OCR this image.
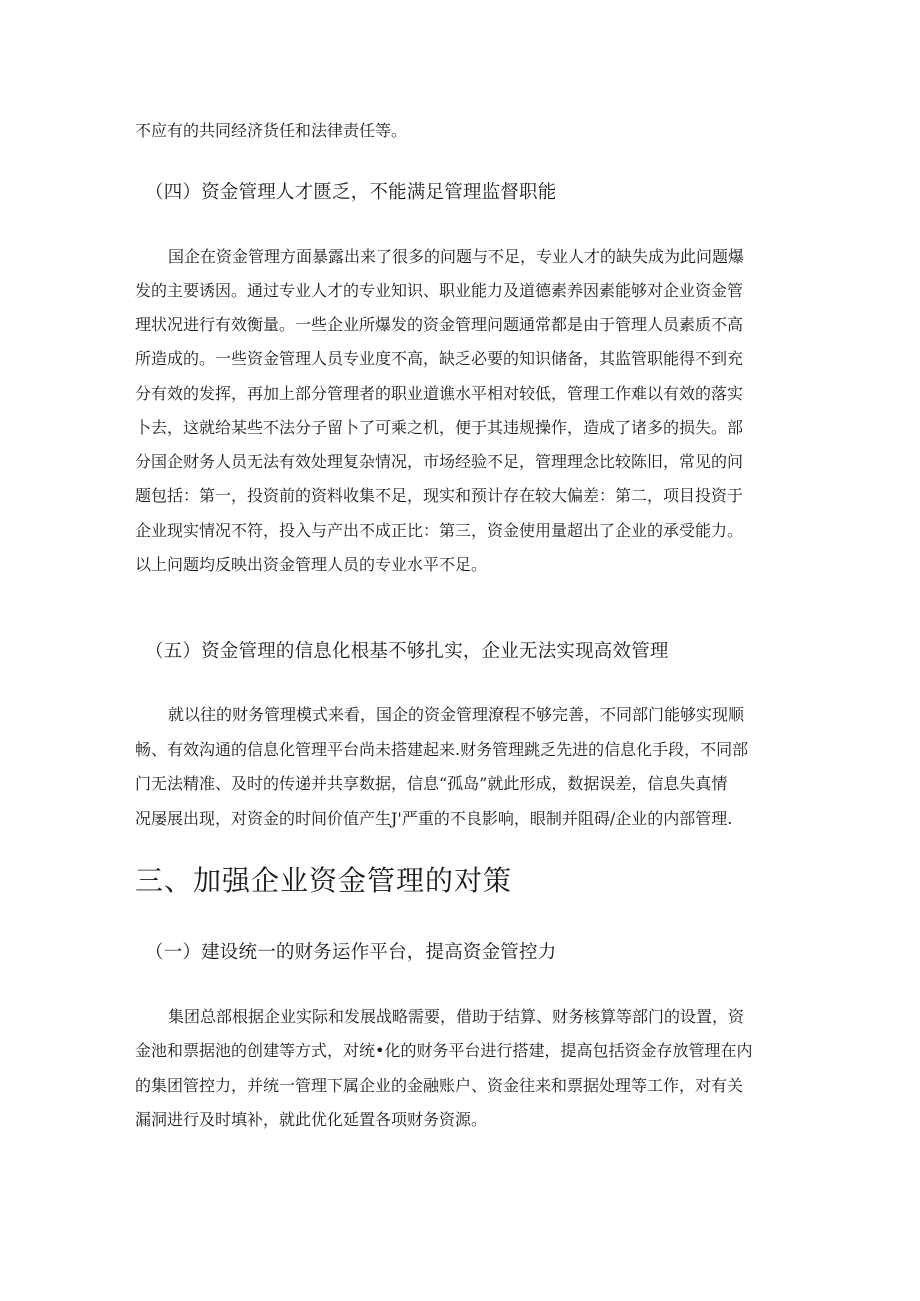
不应有的共同经济货任和法律责任等。
（四）资金管理人才匮乏，不能满足管理监督职能
国企在资金管理方面暴露出来了很多的问题与不足，专业人才的缺失成为此问题爆
发的主要诱因。通过专业人才的专业知识、职业能力及道德素养因素能够对企业资金管
理状况进行有效衡量。一些企业所爆发的资金管理问题通常都是由于管理人员素质不高
所造成的。一些资金管理人员专业度不高，缺乏必要的知识储备，其监管职能得不到充
分有效的发挥，再加上部分管理者的职业道谯水平相对较低，管理工作难以有效的落实
卜去，这就给某些不法分子留卜了可乘之机，便于其违规操作，造成了诸多的损失。部
分国企财务人员无法有效处理复杂情况，市场经验不足，管理理念比较陈旧，常见的问
题包括：第一，投资前的资料收集不足，现实和预计存在较大偏差：第二，项目投资于
企业现实情况不符，投入与产出不成正比：第三，资金使用量超出了企业的承受能力。
以上问题均反映出资金管理人员的专业水平不足。
（五）资金管理的信息化根基不够扎实，企业无法实现高效管理
就以往的财务管理模式来看，国企的资金管理潦程不够完善，不同部门能够实现顺
畅、有效沟通的信息化管理平台尚未搭建起来.财务管理跳乏先进的信息化手段，不同部
门无法精准、及时的传递并共享数据，信息“孤岛”就此形成，数据误差，信息失真情
况屡展出现，对资金的时间价值产生J'严重的不良影响，眼制并阻碍/企业的内部管理.
三、加强企业资金管理的对策
（一）建设统一的财务运作平台，提高资金管控力
集团总部根据企业实际和发展战略需要，借助于结算、财务核算等部门的设置，资
金池和票据池的创建等方式，对统•化的财务平台进行搭建，提高包括资金存放管理在内
的集团管控力，并统一管理下属企业的金融账户、资金往来和票据处理等工作，对有关
漏洞进行及时填补，就此优化延置各项财务资源。
